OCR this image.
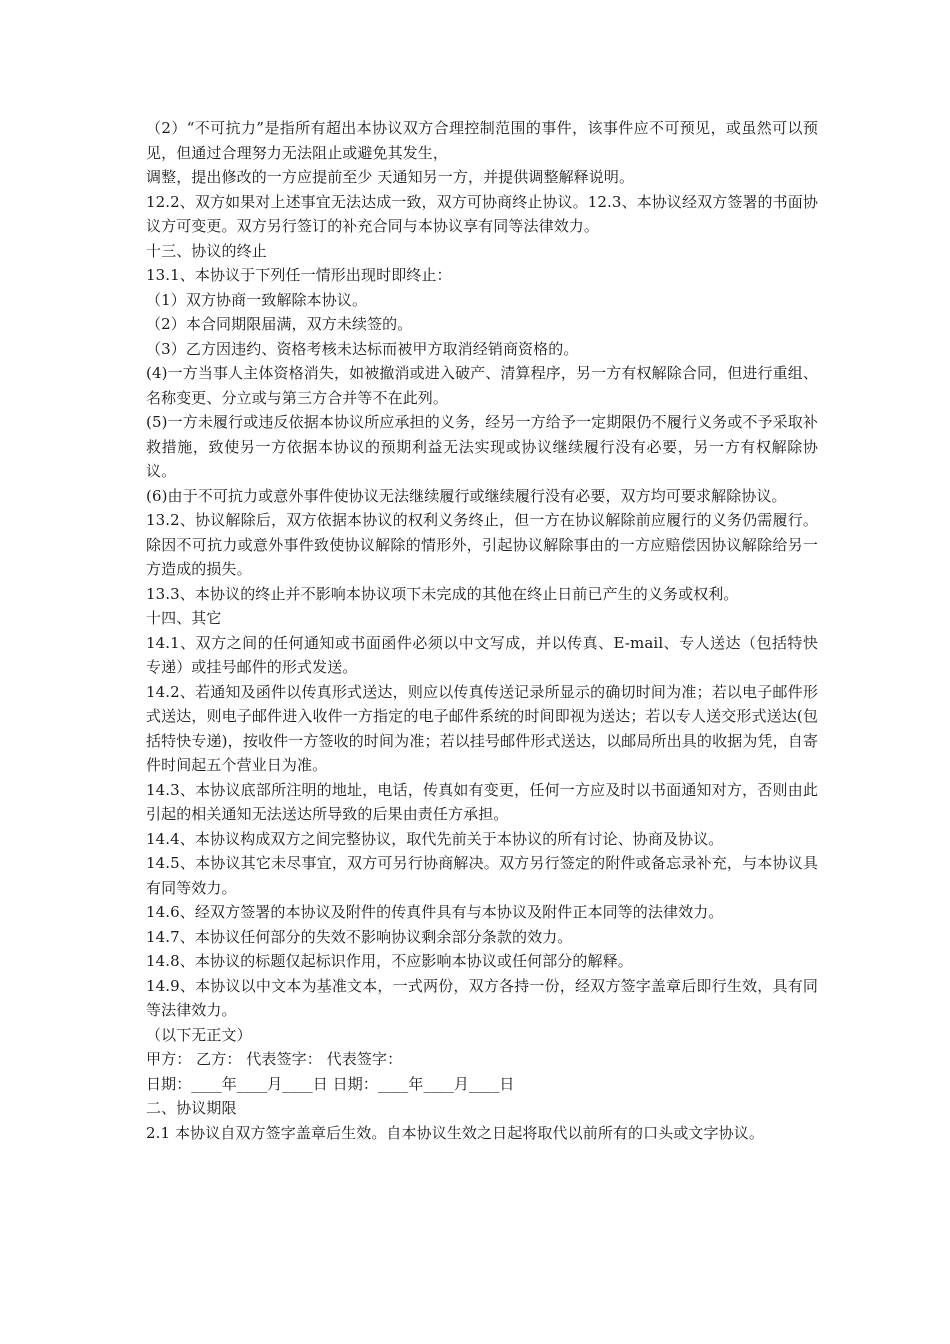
（2）“不可抗力”是指所有超出本协议双方合理控制范围的事件，该事件应不可预见，或虽然可以预见，但通过合理努力无法阻止或避免其发生，

调整，提出修改的一方应提前至少 天通知另一方，并提供调整解释说明。

12.2、双方如果对上述事宜无法达成一致，双方可协商终止协议。12.3、本协议经双方签署的书面协议方可变更。双方另行签订的补充合同与本协议享有同等法律效力。

十三、协议的终止

13.1、本协议于下列任一情形出现时即终止：

（1）双方协商一致解除本协议。

（2）本合同期限届满，双方未续签的。

（3）乙方因违约、资格考核未达标而被甲方取消经销商资格的。

(4)一方当事人主体资格消失，如被撤消或进入破产、清算程序，另一方有权解除合同，但进行重组、名称变更、分立或与第三方合并等不在此列。

(5)一方未履行或违反依据本协议所应承担的义务，经另一方给予一定期限仍不履行义务或不予采取补救措施，致使另一方依据本协议的预期利益无法实现或协议继续履行没有必要，另一方有权解除协议。

(6)由于不可抗力或意外事件使协议无法继续履行或继续履行没有必要，双方均可要求解除协议。

13.2、协议解除后，双方依据本协议的权利义务终止，但一方在协议解除前应履行的义务仍需履行。除因不可抗力或意外事件致使协议解除的情形外，引起协议解除事由的一方应赔偿因协议解除给另一方造成的损失。

13.3、本协议的终止并不影响本协议项下未完成的其他在终止日前已产生的义务或权利。

十四、其它

14.1、双方之间的任何通知或书面函件必须以中文写成，并以传真、E-mail、专人送达（包括特快专递）或挂号邮件的形式发送。

14.2、若通知及函件以传真形式送达，则应以传真传送记录所显示的确切时间为准；若以电子邮件形式送达，则电子邮件进入收件一方指定的电子邮件系统的时间即视为送达；若以专人送交形式送达(包括特快专递)，按收件一方签收的时间为准；若以挂号邮件形式送达，以邮局所出具的收据为凭，自寄件时间起五个营业日为准。

14.3、本协议底部所注明的地址，电话，传真如有变更，任何一方应及时以书面通知对方，否则由此引起的相关通知无法送达所导致的后果由责任方承担。

14.4、本协议构成双方之间完整协议，取代先前关于本协议的所有讨论、协商及协议。

14.5、本协议其它未尽事宜，双方可另行协商解决。双方另行签定的附件或备忘录补充，与本协议具有同等效力。

14.6、经双方签署的本协议及附件的传真件具有与本协议及附件正本同等的法律效力。

14.7、本协议任何部分的失效不影响协议剩余部分条款的效力。

14.8、本协议的标题仅起标识作用，不应影响本协议或任何部分的解释。

14.9、本协议以中文本为基准文本，一式两份，双方各持一份，经双方签字盖章后即行生效，具有同等法律效力。

（以下无正文）

甲方： 乙方： 代表签字： 代表签字：

日期：____年____月____日 日期：____年____月____日

二、协议期限

2.1 本协议自双方签字盖章后生效。自本协议生效之日起将取代以前所有的口头或文字协议。
